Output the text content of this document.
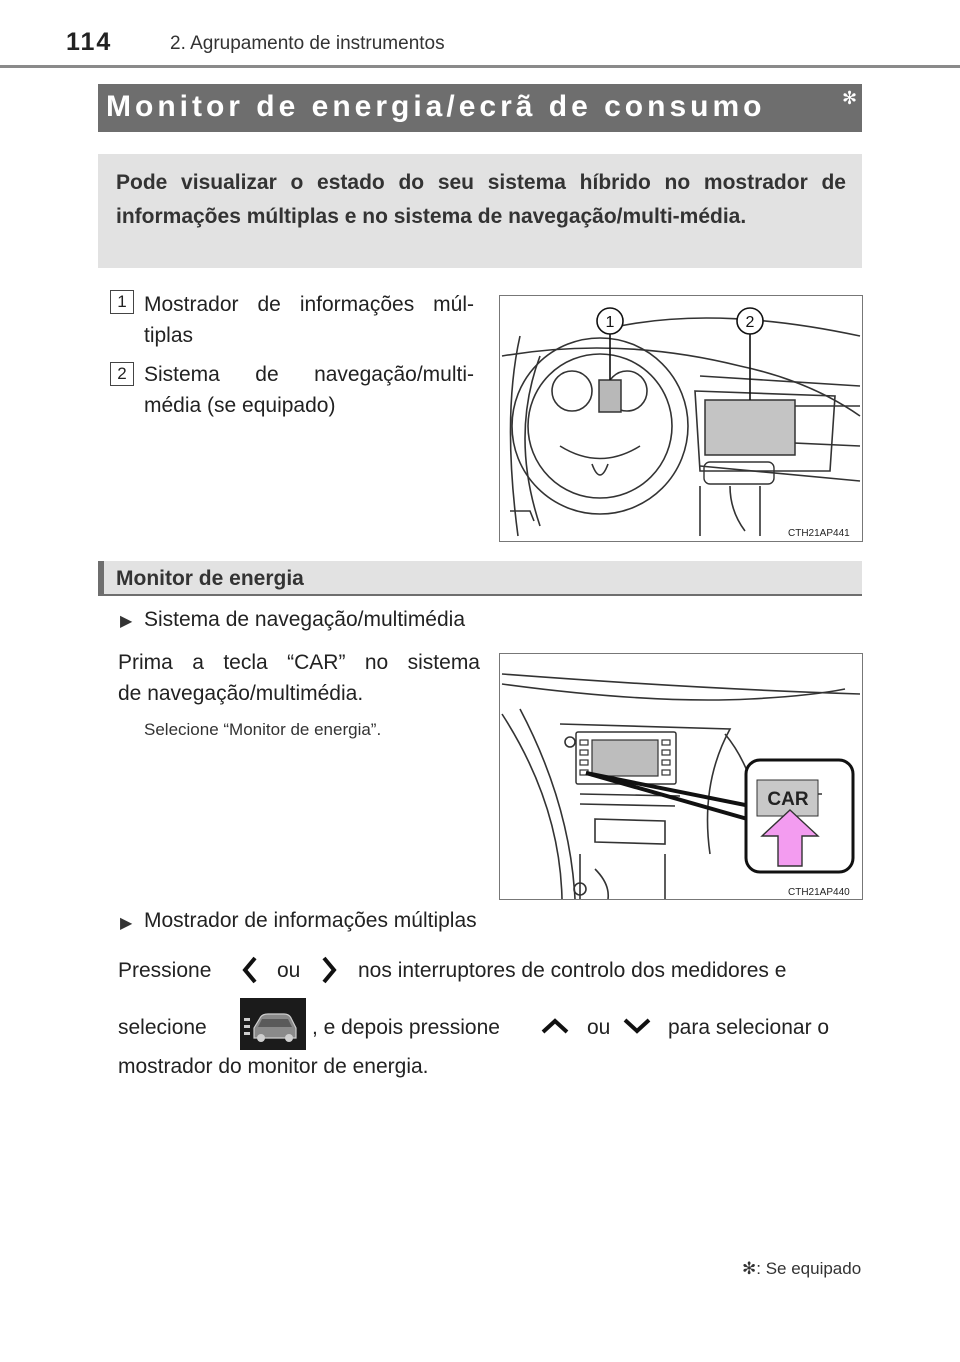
114	2. Agrupamento de instrumentos
Monitor de energia/ecrã de consumo	✻

Pode visualizar o estado do seu sistema híbrido no mostrador de informações múltiplas e no sistema de navegação/multi-média.

1 Mostrador de informações múl-
tiplas
2 Sistema de navegação/multi-
média (se equipado)
1	2
CTH21AP441
Monitor de energia
▶ Sistema de navegação/multimédia
Prima a tecla “CAR” no sistema
de navegação/multimédia.
Selecione “Monitor de energia”.
CAR
CTH21AP440
▶ Mostrador de informações múltiplas
Pressione	ou	nos interruptores de controlo dos medidores e
selecione	, e depois pressione	ou	para selecionar o
mostrador do monitor de energia.
✻: Se equipado
